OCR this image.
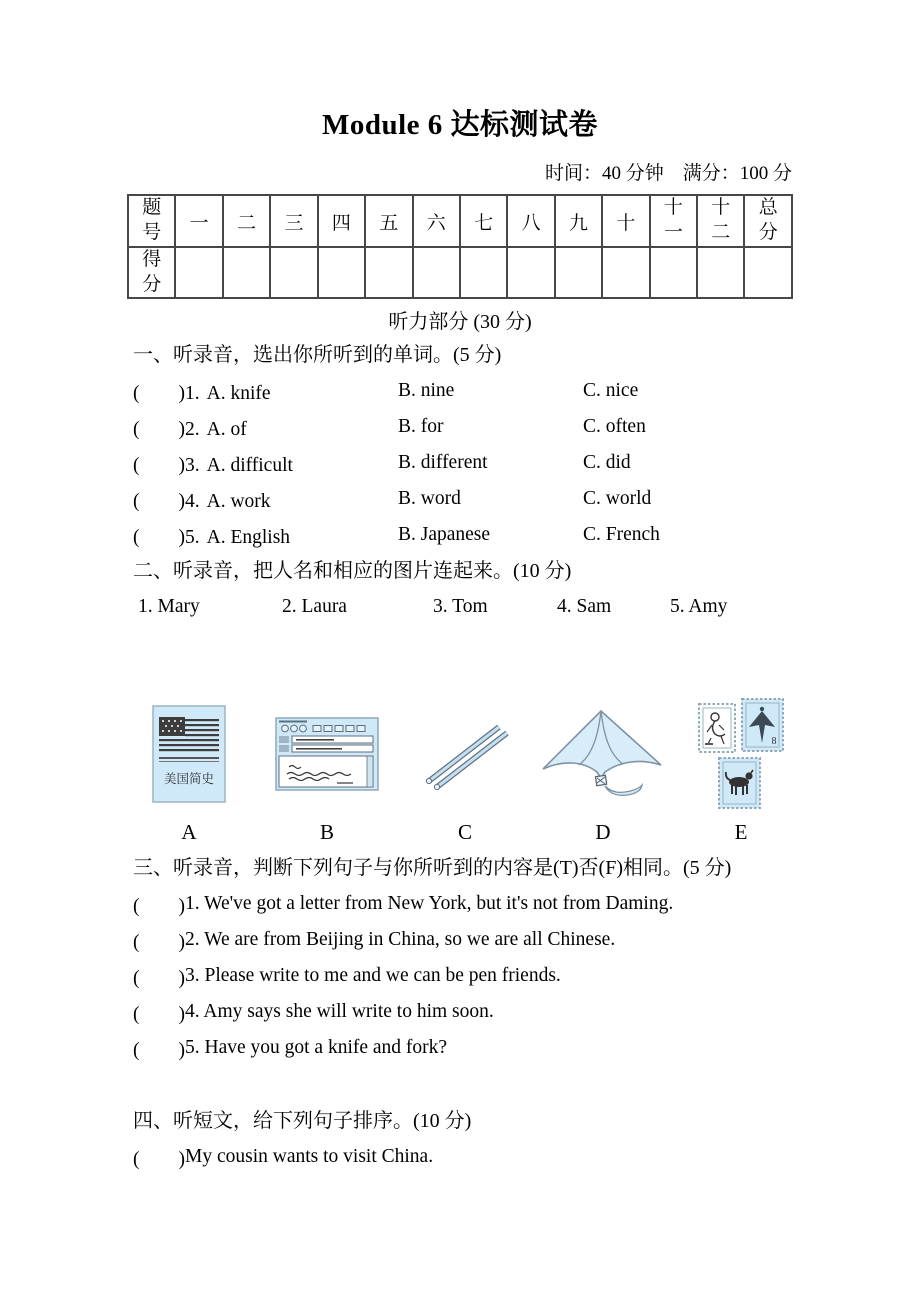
Module 6 达标测试卷
时间：40 分钟　满分：100 分
题号	一	二	三	四	五	六	七	八	九	十	十一	十二	总分

得分													

听力部分 (30 分)
一、听录音，选出你所听到的单词。(5 分)
(　　)1. A. knife	B. nine	C. nice
(　　)2. A. of	B. for	C. often
(　　)3. A. difficult	B. different	C. did
(　　)4. A. work	B. word	C. world
(　　)5. A. English	B. Japanese	C. French
二、听录音，把人名和相应的图片连起来。(10 分)
1. Mary	2. Laura	3. Tom	4. Sam	5. Amy
美国简史
8
A	B	C	D	E
三、听录音，判断下列句子与你所听到的内容是(T)否(F)相同。(5 分)
(　　) 1. We've got a letter from New York, but it's not from Daming.
(　　) 2. We are from Beijing in China, so we are all Chinese.
(　　) 3. Please write to me and we can be pen friends.
(　　) 4. Amy says she will write to him soon.
(　　) 5. Have you got a knife and fork?
四、听短文，给下列句子排序。(10 分)
(　　) My cousin wants to visit China.
